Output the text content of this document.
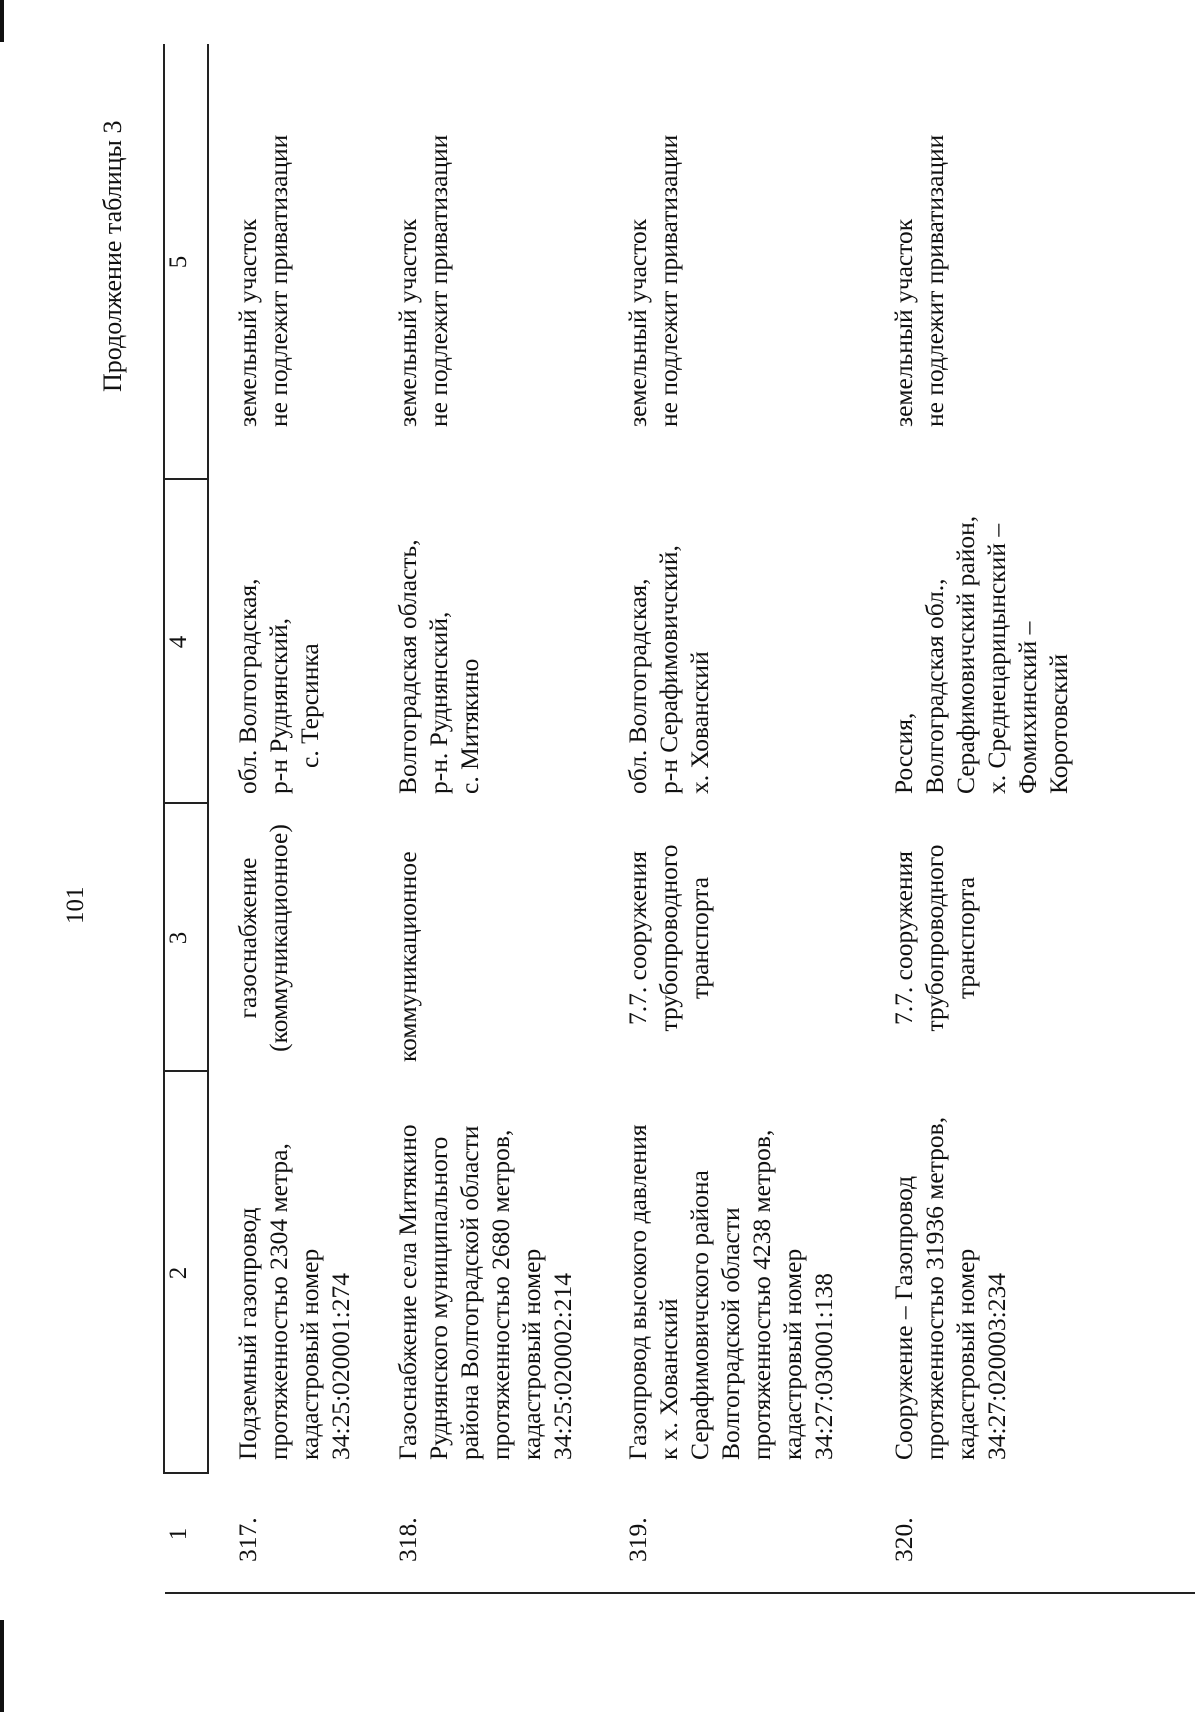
101
Продолжение таблицы 3
1
2
3
4
5
317.
Подземный газопровод протяженностью 2304 метра, кадастровый номер 34:25:020001:274
газоснабжение (коммуникационное)
обл. Волгоградская, р-н Руднянский, с. Терсинка
земельный участок не подлежит приватизации
318.
Газоснабжение села Митякино Руднянского муниципального района Волгоградской области протяженностью 2680 метров, кадастровый номер 34:25:020002:214
коммуникационное
Волгоградская область, р-н. Руднянский, с. Митякино
земельный участок не подлежит приватизации
319.
Газопровод высокого давления к х. Хованский Серафимовичского района Волгоградской области протяженностью 4238 метров, кадастровый номер 34:27:030001:138
7.7. сооружения трубопроводного транспорта
обл. Волгоградская, р-н Серафимовичский, х. Хованский
земельный участок не подлежит приватизации
320.
Сооружение – Газопровод протяженностью 31936 метров, кадастровый номер 34:27:020003:234
7.7. сооружения трубопроводного транспорта
Россия, Волгоградская обл., Серафимовичский район, х. Среднецарицынский – Фомихинский – Коротовский
земельный участок не подлежит приватизации
